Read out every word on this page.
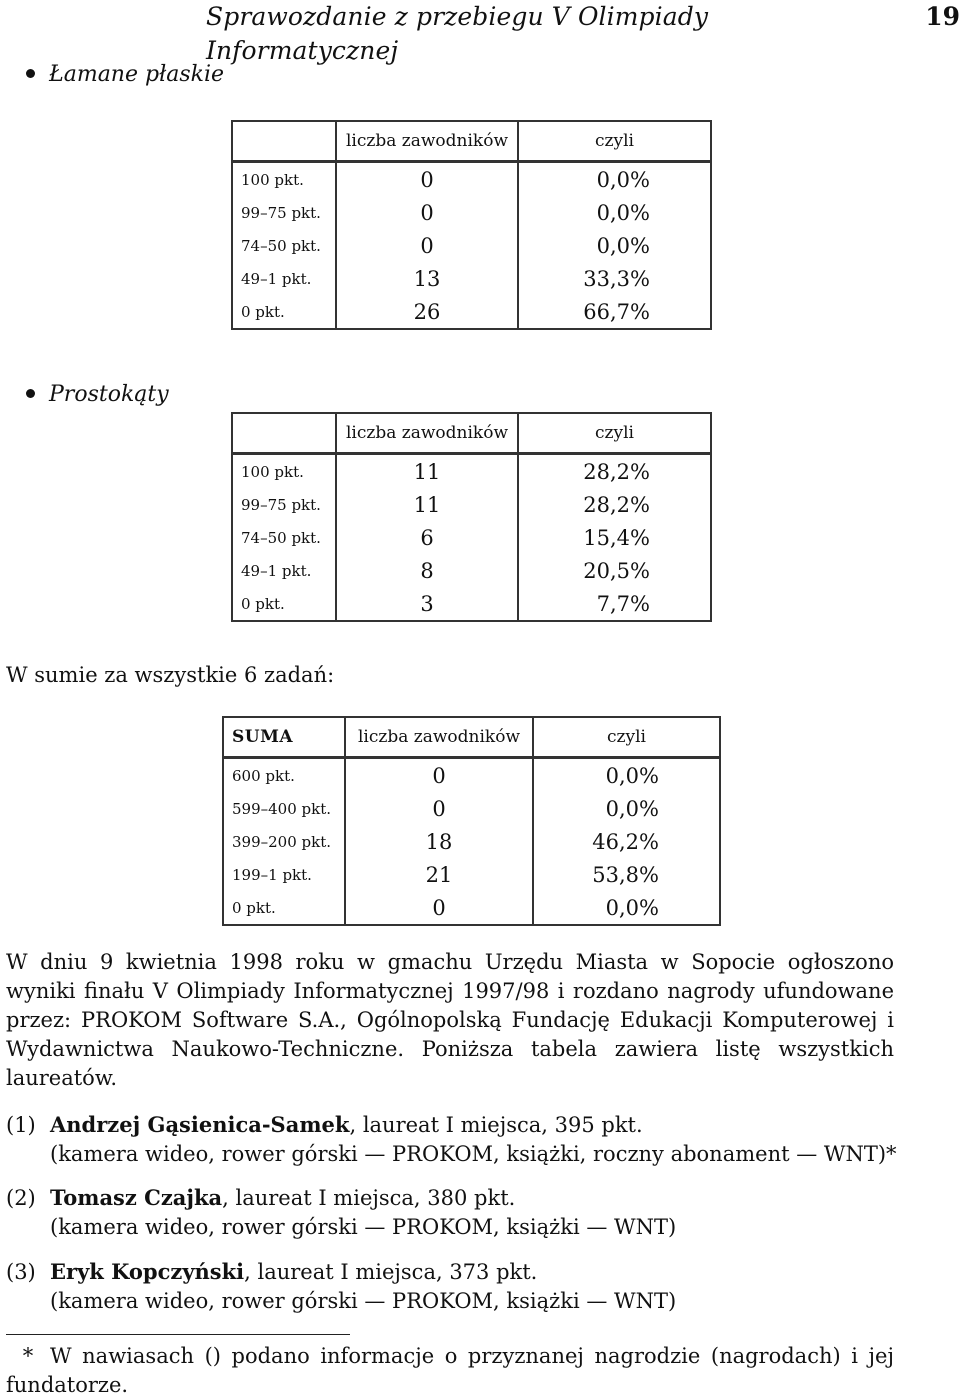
Sprawozdanie z przebiegu V Olimpiady Informatycznej
19
Łamane płaskie
	liczba zawodników	czyli
100 pkt.	0	0,0%
99–75 pkt.	0	0,0%
74–50 pkt.	0	0,0%
49–1 pkt.	13	33,3%
0 pkt.	26	66,7%
Prostokąty
	liczba zawodników	czyli
100 pkt.	11	28,2%
99–75 pkt.	11	28,2%
74–50 pkt.	6	15,4%
49–1 pkt.	8	20,5%
0 pkt.	3	7,7%
W sumie za wszystkie 6 zadań:
SUMA	liczba zawodników	czyli
600 pkt.	0	0,0%
599–400 pkt.	0	0,0%
399–200 pkt.	18	46,2%
199–1 pkt.	21	53,8%
0 pkt.	0	0,0%
W dniu 9 kwietnia 1998 roku w gmachu Urzędu Miasta w Sopocie ogłoszono wyniki finału V Olimpiady Informatycznej 1997/98 i rozdano nagrody ufundowane przez: PROKOM Software S.A., Ogólnopolską Fundację Edukacji Komputerowej i Wydawnictwa Naukowo-Techniczne. Poniższa tabela zawiera listę wszystkich laureatów.
(1) Andrzej Gąsienica-Samek, laureat I miejsca, 395 pkt.
(kamera wideo, rower górski — PROKOM, książki, roczny abonament — WNT)*
(2) Tomasz Czajka, laureat I miejsca, 380 pkt.
(kamera wideo, rower górski — PROKOM, książki — WNT)
(3) Eryk Kopczyński, laureat I miejsca, 373 pkt.
(kamera wideo, rower górski — PROKOM, książki — WNT)
* W nawiasach () podano informacje o przyznanej nagrodzie (nagrodach) i jej fundatorze.
